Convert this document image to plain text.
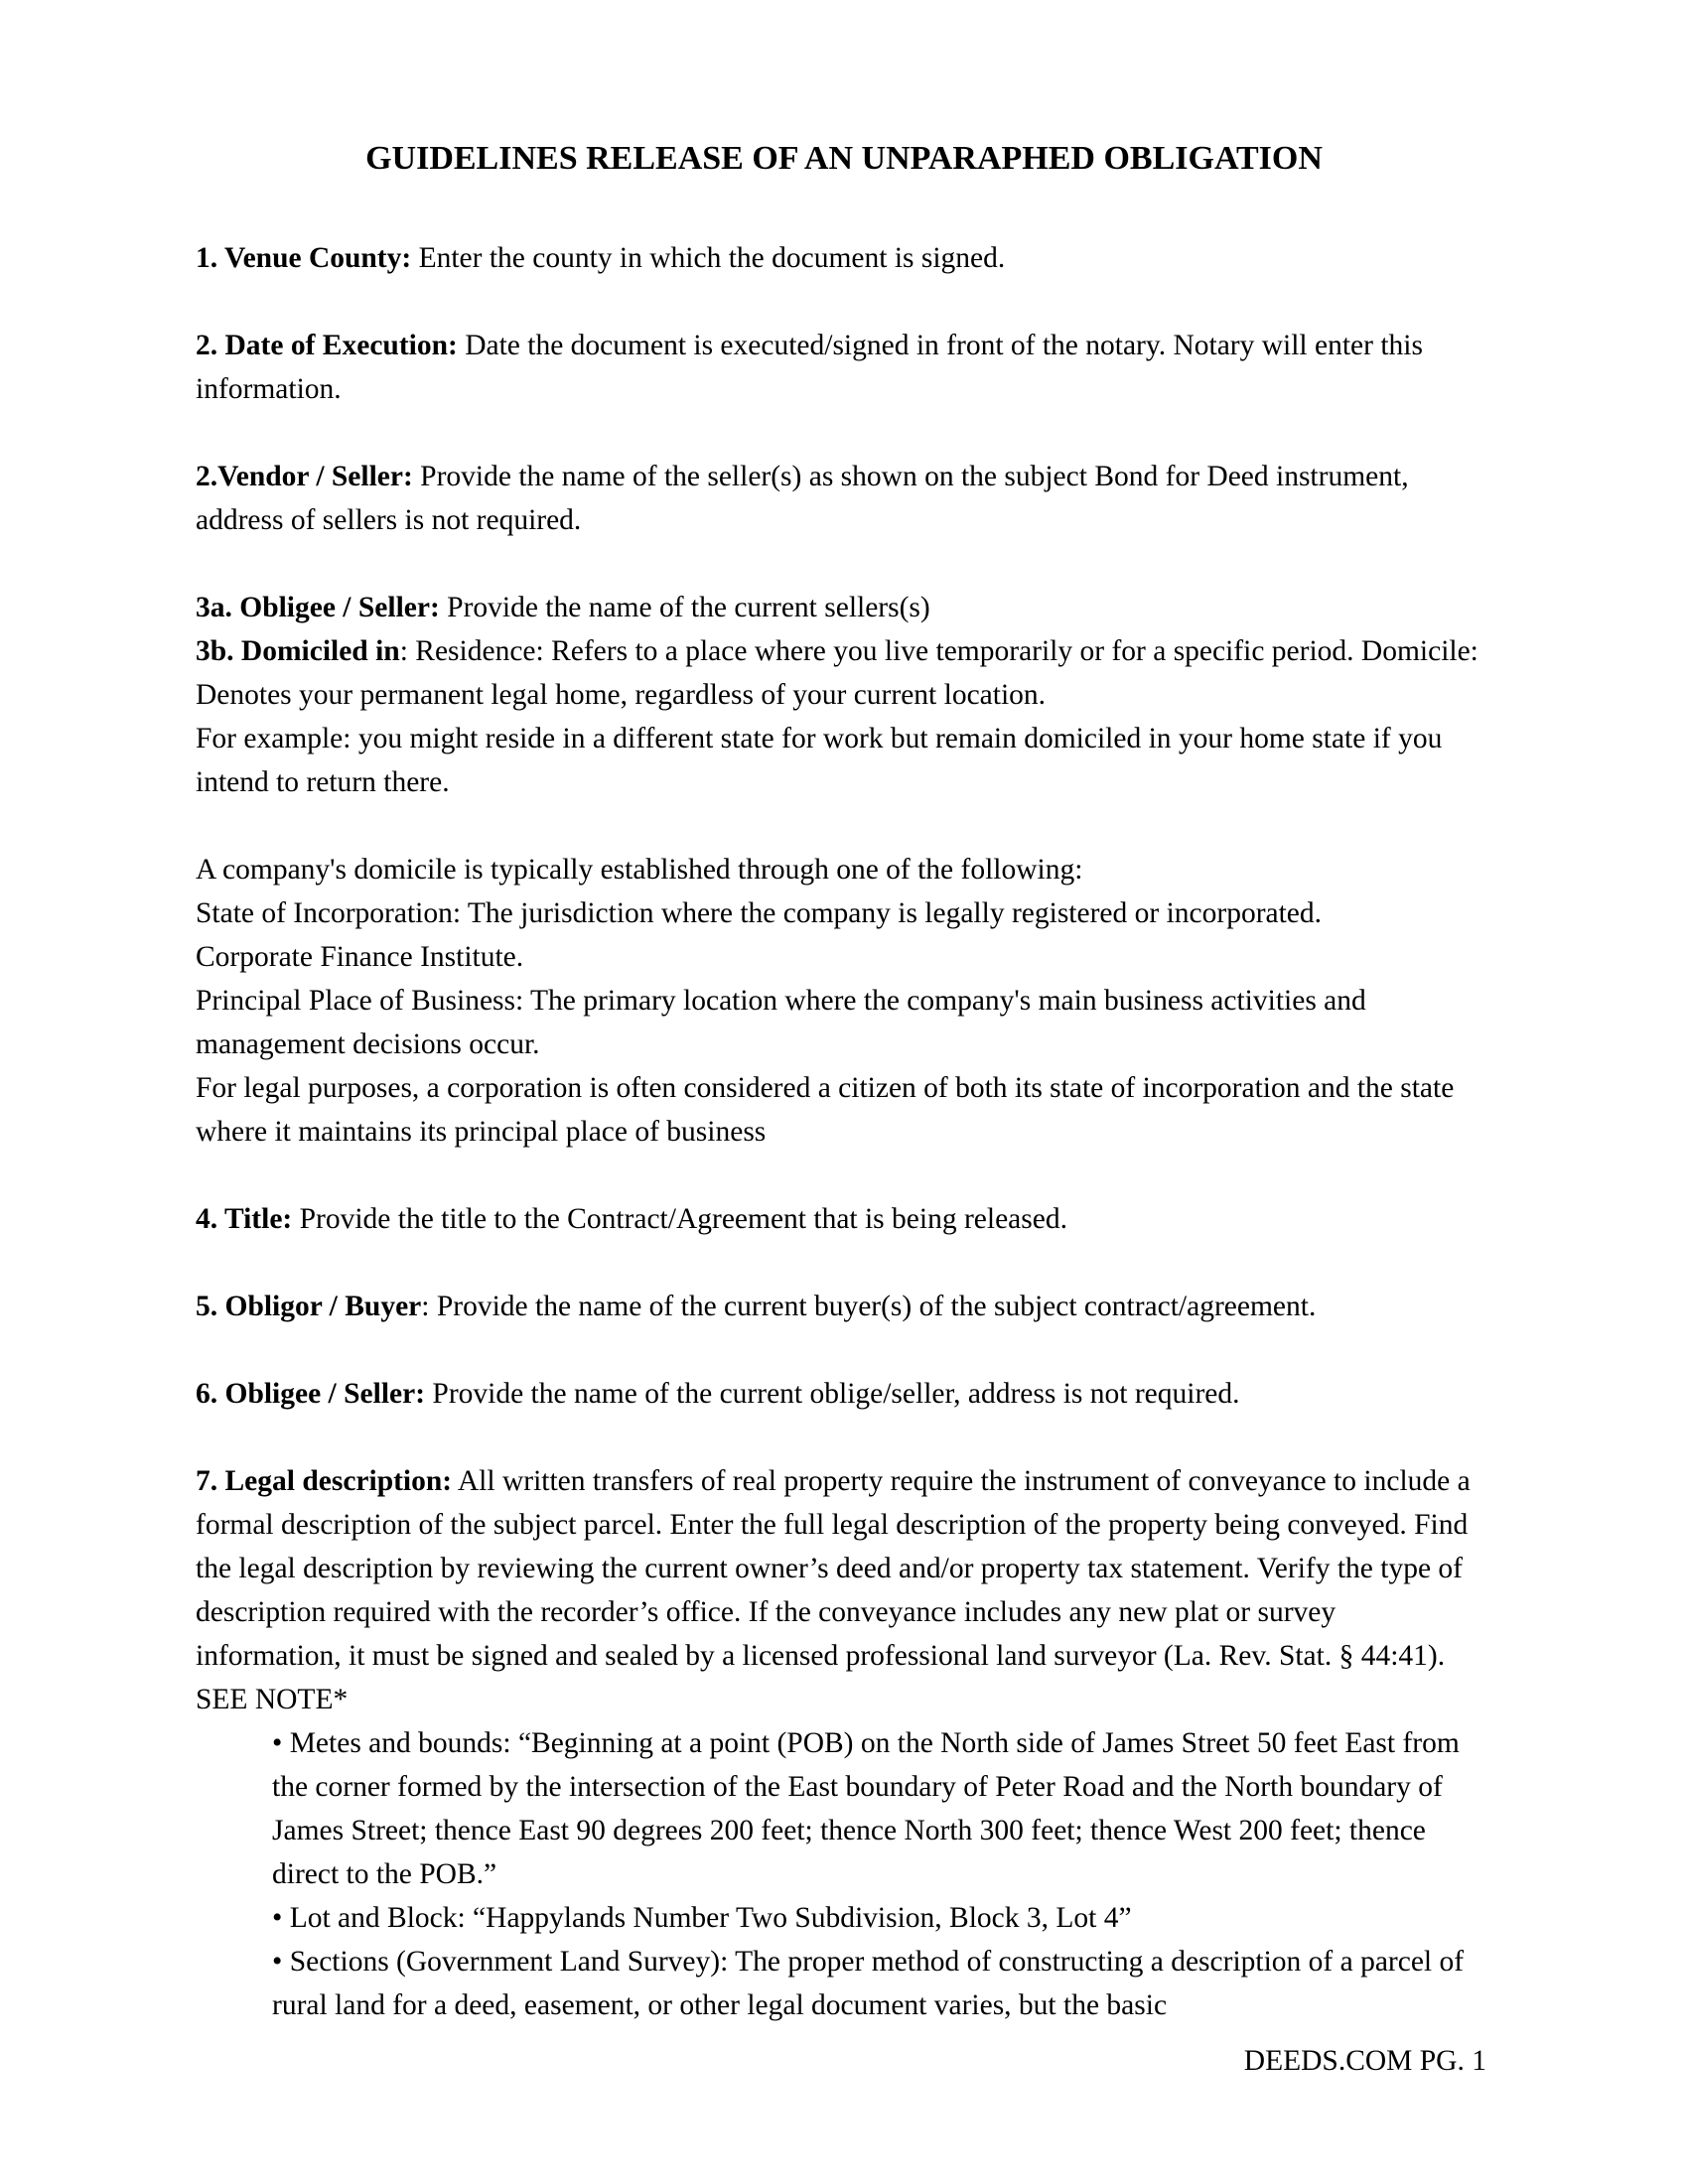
GUIDELINES RELEASE OF AN UNPARAPHED OBLIGATION

1. Venue County: Enter the county in which the document is signed.

2. Date of Execution: Date the document is executed/signed in front of the notary. Notary will enter this information.

2.Vendor / Seller: Provide the name of the seller(s) as shown on the subject Bond for Deed instrument, address of sellers is not required.

3a. Obligee / Seller: Provide the name of the current sellers(s)

3b. Domiciled in: Residence: Refers to a place where you live temporarily or for a specific period. Domicile: Denotes your permanent legal home, regardless of your current location.

For example: you might reside in a different state for work but remain domiciled in your home state if you intend to return there.

A company's domicile is typically established through one of the following:

State of Incorporation: The jurisdiction where the company is legally registered or incorporated.

Corporate Finance Institute.

Principal Place of Business: The primary location where the company's main business activities and management decisions occur.

For legal purposes, a corporation is often considered a citizen of both its state of incorporation and the state where it maintains its principal place of business

4. Title: Provide the title to the Contract/Agreement that is being released.

5. Obligor / Buyer: Provide the name of the current buyer(s) of the subject contract/agreement.

6. Obligee / Seller: Provide the name of the current oblige/seller, address is not required.

7. Legal description: All written transfers of real property require the instrument of conveyance to include a formal description of the subject parcel. Enter the full legal description of the property being conveyed. Find the legal description by reviewing the current owner’s deed and/or property tax statement. Verify the type of description required with the recorder’s office. If the conveyance includes any new plat or survey information, it must be signed and sealed by a licensed professional land surveyor (La. Rev. Stat. § 44:41). SEE NOTE*

• Metes and bounds: “Beginning at a point (POB) on the North side of James Street 50 feet East from the corner formed by the intersection of the East boundary of Peter Road and the North boundary of James Street; thence East 90 degrees 200 feet; thence North 300 feet; thence West 200 feet; thence direct to the POB.”
• Lot and Block: “Happylands Number Two Subdivision, Block 3, Lot 4”
• Sections (Government Land Survey): The proper method of constructing a description of a parcel of rural land for a deed, easement, or other legal document varies, but the basic
DEEDS.COM PG. 1
